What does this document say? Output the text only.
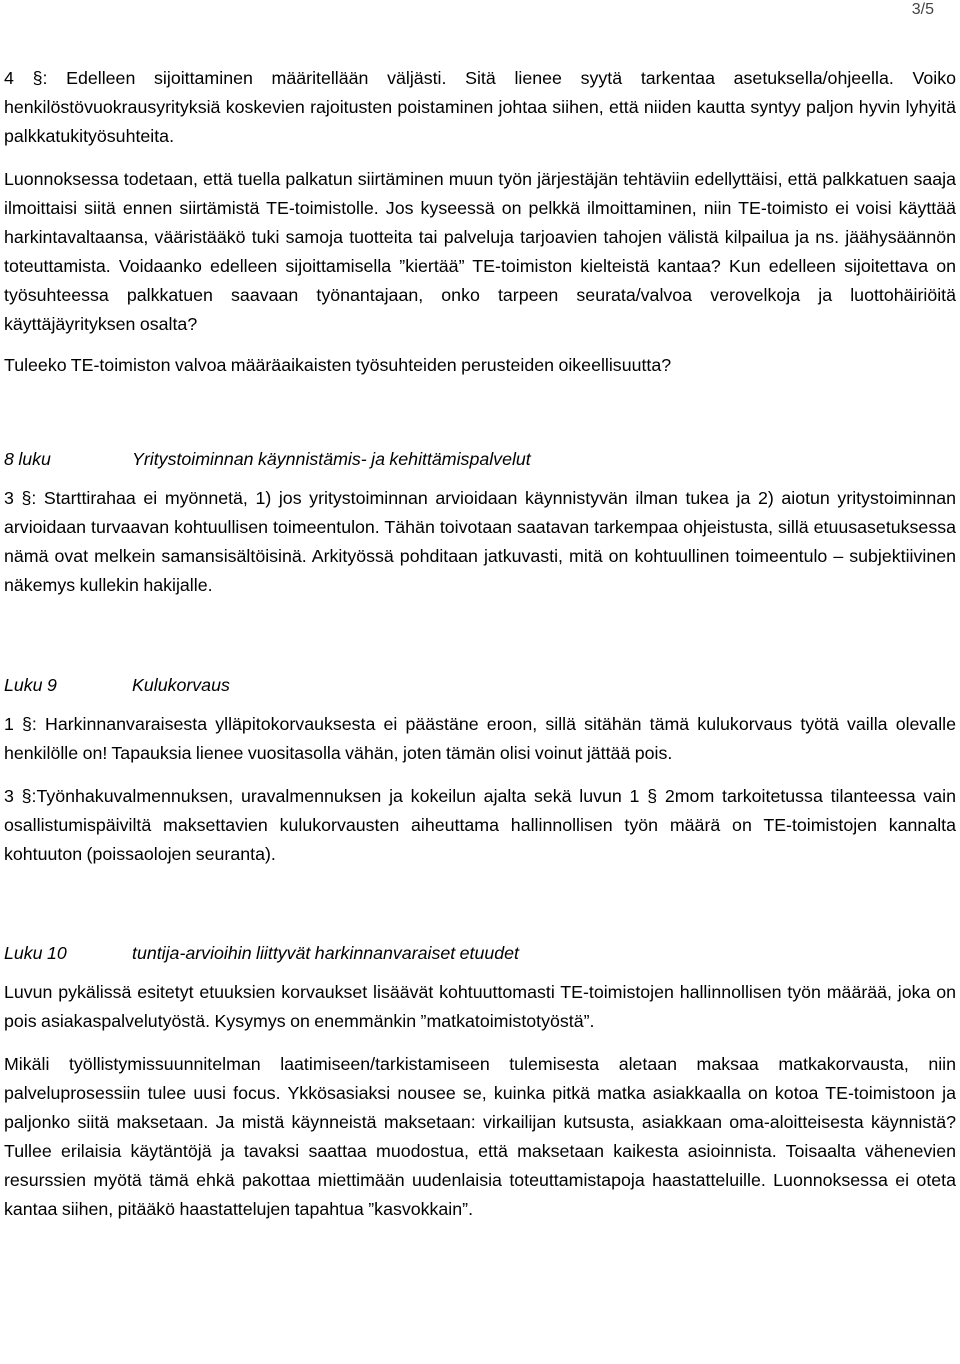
3/5

4 §: Edelleen sijoittaminen määritellään väljästi. Sitä lienee syytä tarkentaa asetuksella/ohjeella. Voiko henkilöstövuokrausyrityksiä koskevien rajoitusten poistaminen johtaa siihen, että niiden kautta syntyy paljon hyvin lyhyitä palkkatukityösuhteita.

Luonnoksessa todetaan, että tuella palkatun siirtäminen muun työn järjestäjän tehtäviin edellyttäisi, että palkkatuen saaja ilmoittaisi siitä ennen siirtämistä TE-toimistolle. Jos kyseessä on pelkkä ilmoittaminen, niin TE-toimisto ei voisi käyttää harkintavaltaansa, vääristääkö tuki samoja tuotteita tai palveluja tarjoavien tahojen välistä kilpailua ja ns. jäähysäännön toteuttamista. Voidaanko edelleen sijoittamisella ”kiertää” TE-toimiston kielteistä kantaa? Kun edelleen sijoitettava on työsuhteessa palkkatuen saavaan työnantajaan, onko tarpeen seurata/valvoa verovelkoja ja luottohäiriöitä käyttäjäyrityksen osalta?

Tuleeko TE-toimiston valvoa määräaikaisten työsuhteiden perusteiden oikeellisuutta?

8 luku	Yritystoiminnan käynnistämis- ja kehittämispalvelut

3 §: Starttirahaa ei myönnetä, 1) jos yritystoiminnan arvioidaan käynnistyvän ilman tukea ja 2) aiotun yritystoiminnan arvioidaan turvaavan kohtuullisen toimeentulon. Tähän toivotaan saatavan tarkempaa ohjeistusta, sillä etuusasetuksessa nämä ovat melkein samansisältöisinä. Arkityössä pohditaan jatkuvasti, mitä on kohtuullinen toimeentulo – subjektiivinen näkemys kullekin hakijalle.

Luku 9	Kulukorvaus

1 §: Harkinnanvaraisesta ylläpitokorvauksesta ei päästäne eroon, sillä sitähän tämä kulukorvaus työtä vailla olevalle henkilölle on! Tapauksia lienee vuositasolla vähän, joten tämän olisi voinut jättää pois.

3 §:Työnhakuvalmennuksen, uravalmennuksen ja kokeilun ajalta sekä luvun 1 § 2mom tarkoitetussa tilanteessa vain osallistumispäiviltä maksettavien kulukorvausten aiheuttama hallinnollisen työn määrä on TE-toimistojen kannalta kohtuuton (poissaolojen seuranta).

Luku 10	tuntija-arvioihin liittyvät harkinnanvaraiset etuudet

Luvun pykälissä esitetyt etuuksien korvaukset lisäävät kohtuuttomasti TE-toimistojen hallinnollisen työn määrää, joka on pois asiakaspalvelutyöstä. Kysymys on enemmänkin ”matkatoimistotyöstä”.

Mikäli työllistymissuunnitelman laatimiseen/tarkistamiseen tulemisesta aletaan maksaa matkakorvausta, niin palveluprosessiin tulee uusi focus. Ykkösasiaksi nousee se, kuinka pitkä matka asiakkaalla on kotoa TE-toimistoon ja paljonko siitä maksetaan. Ja mistä käynneistä maksetaan: virkailijan kutsusta, asiakkaan oma-aloitteisesta käynnistä? Tullee erilaisia käytäntöjä ja tavaksi saattaa muodostua, että maksetaan kaikesta asioinnista. Toisaalta vähenevien resurssien myötä tämä ehkä pakottaa miettimään uudenlaisia toteuttamistapoja haastatteluille. Luonnoksessa ei oteta kantaa siihen, pitääkö haastattelujen tapahtua ”kasvokkain”.
